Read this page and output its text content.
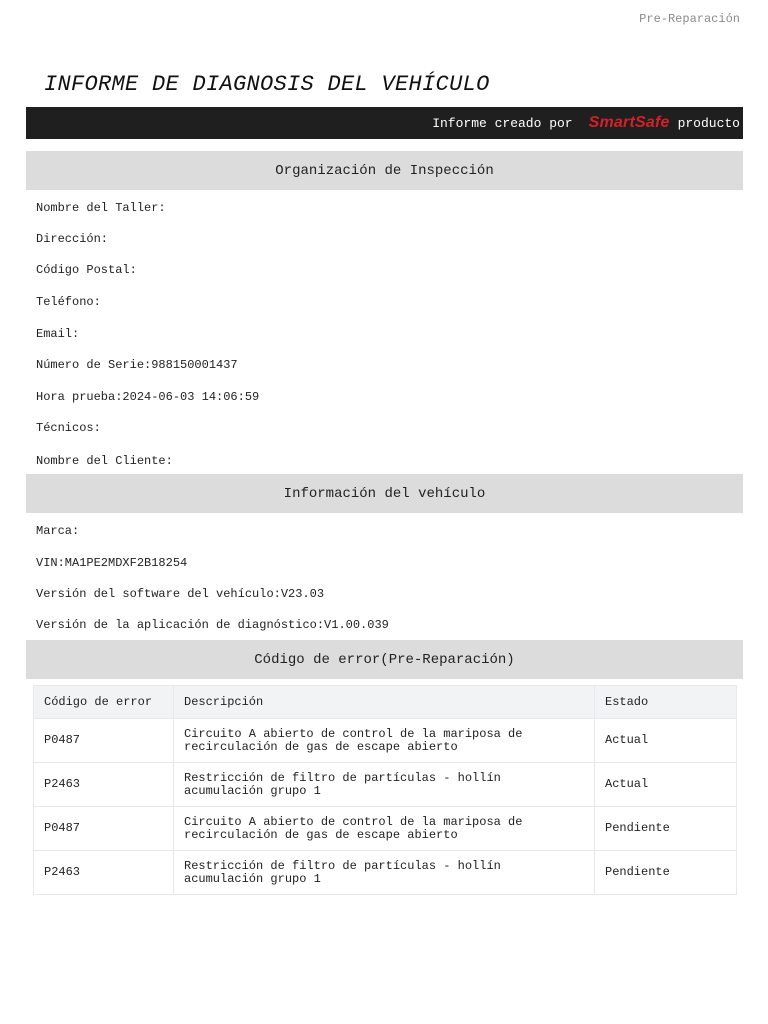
Pre-Reparación
INFORME DE DIAGNOSIS DEL VEHÍCULO
Informe creado por SmartSafe producto
Organización de Inspección
Nombre del Taller:
Dirección:
Código Postal:
Teléfono:
Email:
Número de Serie:988150001437
Hora prueba:2024-06-03 14:06:59
Técnicos:
Nombre del Cliente:
Información del vehículo
Marca:
VIN:MA1PE2MDXF2B18254
Versión del software del vehículo:V23.03
Versión de la aplicación de diagnóstico:V1.00.039
Código de error(Pre-Reparación)
Código de error	Descripción	Estado
P0487	Circuito A abierto de control de la mariposa de
recirculación de gas de escape abierto	Actual
P2463	Restricción de filtro de partículas - hollín
acumulación grupo 1	Actual
P0487	Circuito A abierto de control de la mariposa de
recirculación de gas de escape abierto	Pendiente
P2463	Restricción de filtro de partículas - hollín
acumulación grupo 1	Pendiente
